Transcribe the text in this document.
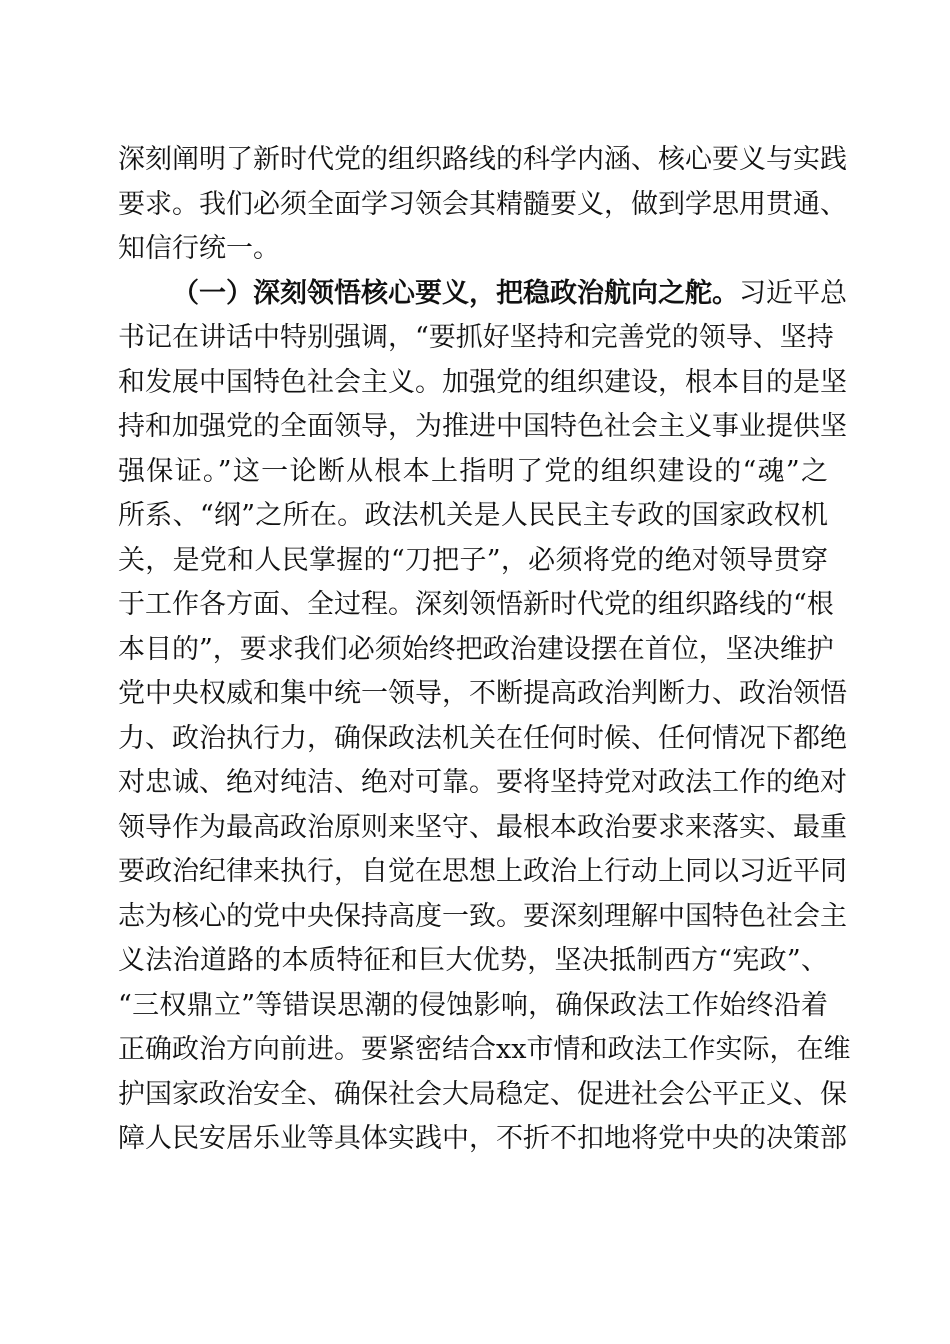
深刻阐明了新时代党的组织路线的科学内涵、核心要义与实践
要求。我们必须全面学习领会其精髓要义，做到学思用贯通、
知信行统一。
（一）深刻领悟核心要义，把稳政治航向之舵。习近平总
书记在讲话中特别强调，“要抓好坚持和完善党的领导、坚持
和发展中国特色社会主义。加强党的组织建设，根本目的是坚
持和加强党的全面领导，为推进中国特色社会主义事业提供坚
强保证。”这一论断从根本上指明了党的组织建设的“魂”之
所系、“纲”之所在。政法机关是人民民主专政的国家政权机
关，是党和人民掌握的“刀把子”，必须将党的绝对领导贯穿
于工作各方面、全过程。深刻领悟新时代党的组织路线的“根
本目的”，要求我们必须始终把政治建设摆在首位，坚决维护
党中央权威和集中统一领导，不断提高政治判断力、政治领悟
力、政治执行力，确保政法机关在任何时候、任何情况下都绝
对忠诚、绝对纯洁、绝对可靠。要将坚持党对政法工作的绝对
领导作为最高政治原则来坚守、最根本政治要求来落实、最重
要政治纪律来执行，自觉在思想上政治上行动上同以习近平同
志为核心的党中央保持高度一致。要深刻理解中国特色社会主
义法治道路的本质特征和巨大优势，坚决抵制西方“宪政”、
“三权鼎立”等错误思潮的侵蚀影响，确保政法工作始终沿着
正确政治方向前进。要紧密结合xx市情和政法工作实际，在维
护国家政治安全、确保社会大局稳定、促进社会公平正义、保
障人民安居乐业等具体实践中，不折不扣地将党中央的决策部
